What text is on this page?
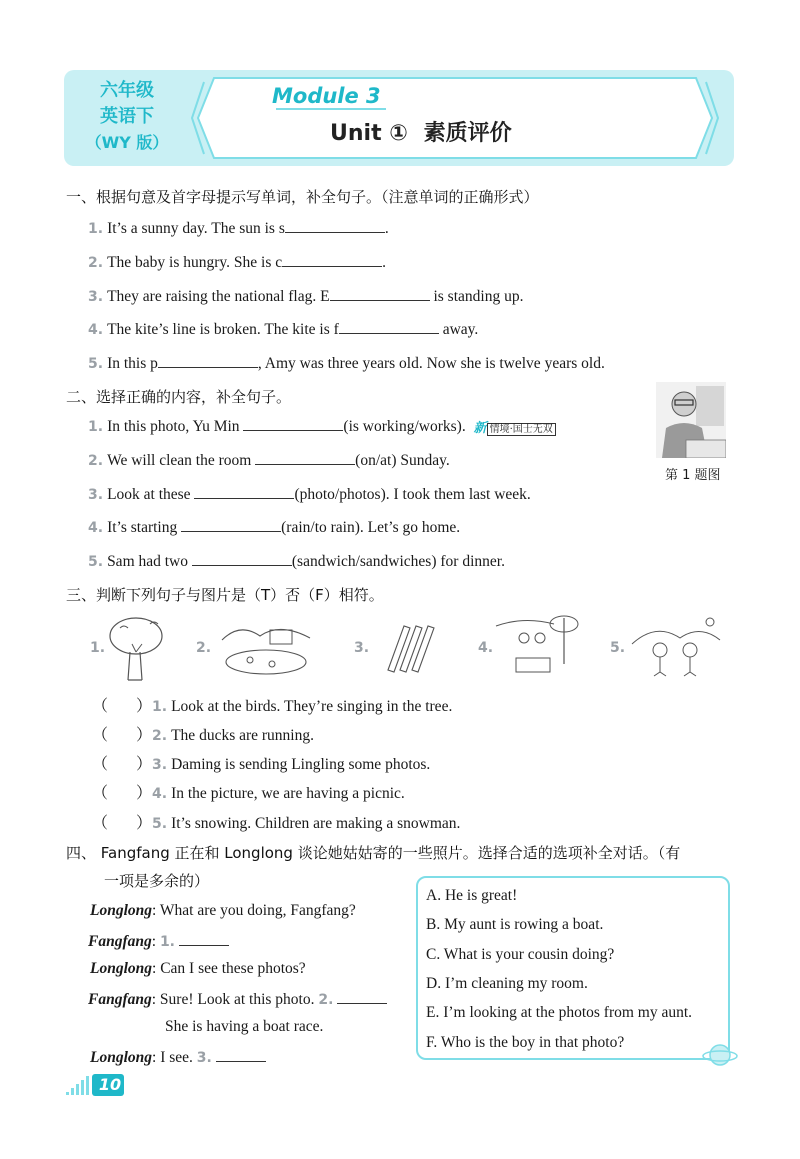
六年级
英语下
（WY 版）
Module 3
Unit ① 素质评价
一、根据句意及首字母提示写单词，补全句子。（注意单词的正确形式）
1. It’s a sunny day. The sun is s	.
2. The baby is hungry. She is c	.
3. They are raising the national flag. E	is standing up.
4. The kite’s line is broken. The kite is f	away.
5. In this p	, Amy was three years old. Now she is twelve years old.
二、选择正确的内容，补全句子。
1. In this photo, Yu Min	(is working/works). 新 情境·国士无双
2. We will clean the room	(on/at) Sunday.
3. Look at these	(photo/photos). I took them last week.
4. It’s starting	(rain/to rain). Let’s go home.
5. Sam had two	(sandwich/sandwiches) for dinner.
第 1 题图
三、判断下列句子与图片是（T）否（F）相符。
1.	2.	3.	4.	5.
（ ）1. Look at the birds. They’re singing in the tree.
（ ）2. The ducks are running.
（ ）3. Daming is sending Lingling some photos.
（ ）4. In the picture, we are having a picnic.
（ ）5. It’s snowing. Children are making a snowman.
四、 Fangfang 正在和 Longlong 谈论她姑姑寄的一些照片。选择合适的选项补全对话。（有
一项是多余的）
Longlong: What are you doing, Fangfang?
Fangfang: 1.
Longlong: Can I see these photos?
Fangfang: Sure! Look at this photo. 2.
She is having a boat race.
Longlong: I see. 3.
A. He is great!
B. My aunt is rowing a boat.
C. What is your cousin doing?
D. I’m cleaning my room.
E. I’m looking at the photos from my aunt.
F. Who is the boy in that photo?
10
